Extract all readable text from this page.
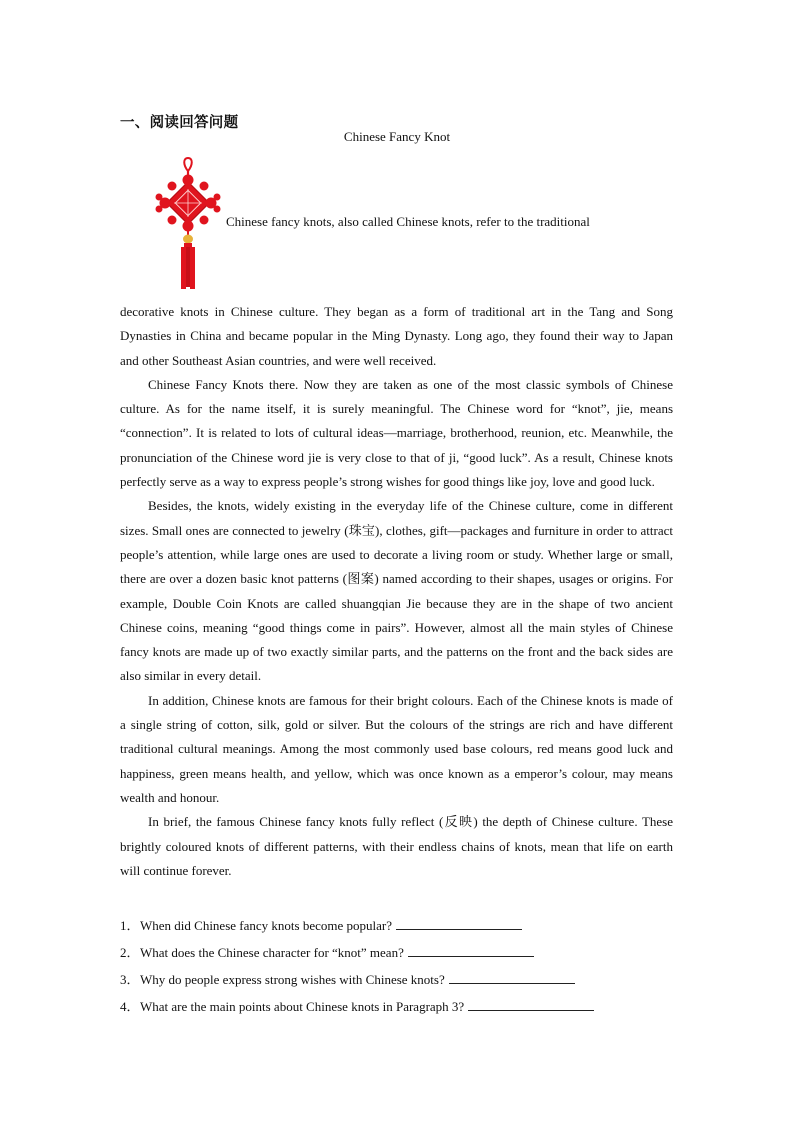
一、阅读回答问题
Chinese Fancy Knot
Chinese fancy knots, also called Chinese knots, refer to the traditional

decorative knots in Chinese culture. They began as a form of traditional art in the Tang and Song Dynasties in China and became popular in the Ming Dynasty. Long ago, they found their way to Japan and other Southeast Asian countries, and were well received.

Chinese Fancy Knots there. Now they are taken as one of the most classic symbols of Chinese culture. As for the name itself, it is surely meaningful. The Chinese word for “knot”, jie, means “connection”. It is related to lots of cultural ideas—marriage, brotherhood, reunion, etc. Meanwhile, the pronunciation of the Chinese word jie is very close to that of ji, “good luck”. As a result, Chinese knots perfectly serve as a way to express people’s strong wishes for good things like joy, love and good luck.

Besides, the knots, widely existing in the everyday life of the Chinese culture, come in different sizes. Small ones are connected to jewelry (珠宝), clothes, gift—packages and furniture in order to attract people’s attention, while large ones are used to decorate a living room or study. Whether large or small, there are over a dozen basic knot patterns (图案) named according to their shapes, usages or origins. For example, Double Coin Knots are called shuangqian Jie because they are in the shape of two ancient Chinese coins, meaning “good things come in pairs”. However, almost all the main styles of Chinese fancy knots are made up of two exactly similar parts, and the patterns on the front and the back sides are also similar in every detail.

In addition, Chinese knots are famous for their bright colours. Each of the Chinese knots is made of a single string of cotton, silk, gold or silver. But the colours of the strings are rich and have different traditional cultural meanings. Among the most commonly used base colours, red means good luck and happiness, green means health, and yellow, which was once known as a emperor’s colour, may means wealth and honour.

In brief, the famous Chinese fancy knots fully reflect (反映) the depth of Chinese culture. These brightly coloured knots of different patterns, with their endless chains of knots, mean that life on earth will continue forever.

1．When did Chinese fancy knots become popular?
2．What does the Chinese character for “knot” mean?
3．Why do people express strong wishes with Chinese knots?
4．What are the main points about Chinese knots in Paragraph 3?
